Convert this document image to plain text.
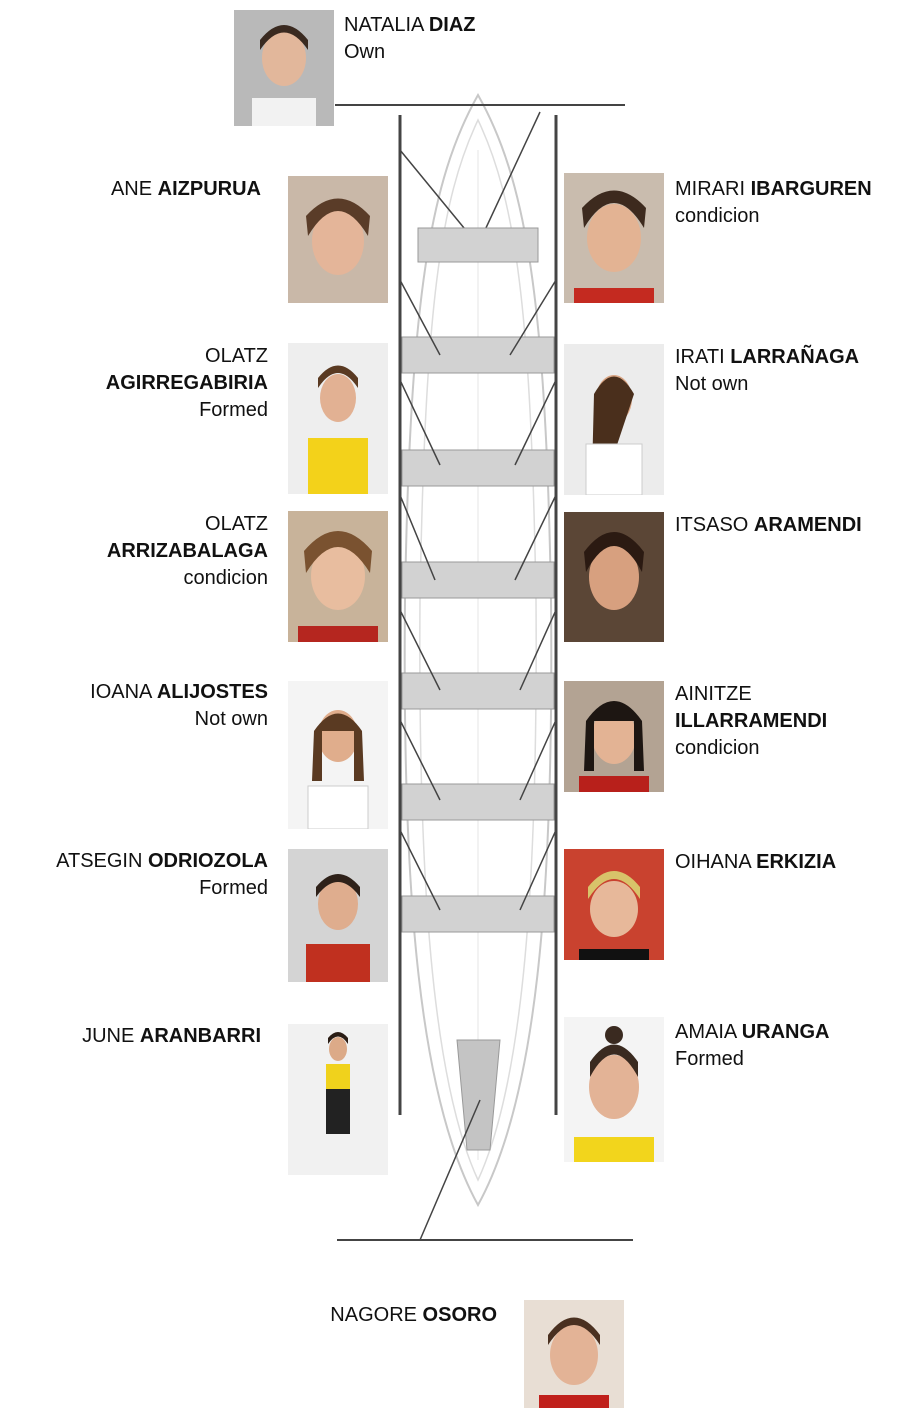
NATALIA DIAZ
Own
ANE AIZPURUA
OLATZ
AGIRREGABIRIA
Formed
OLATZ
ARRIZABALAGA
condicion
IOANA ALIJOSTES
Not own
ATSEGIN ODRIOZOLA
Formed
JUNE ARANBARRI
MIRARI IBARGUREN
condicion
IRATI LARRAÑAGA
Not own
ITSASO ARAMENDI
AINITZE
ILLARRAMENDI
condicion
OIHANA ERKIZIA
AMAIA URANGA
Formed
NAGORE OSORO
